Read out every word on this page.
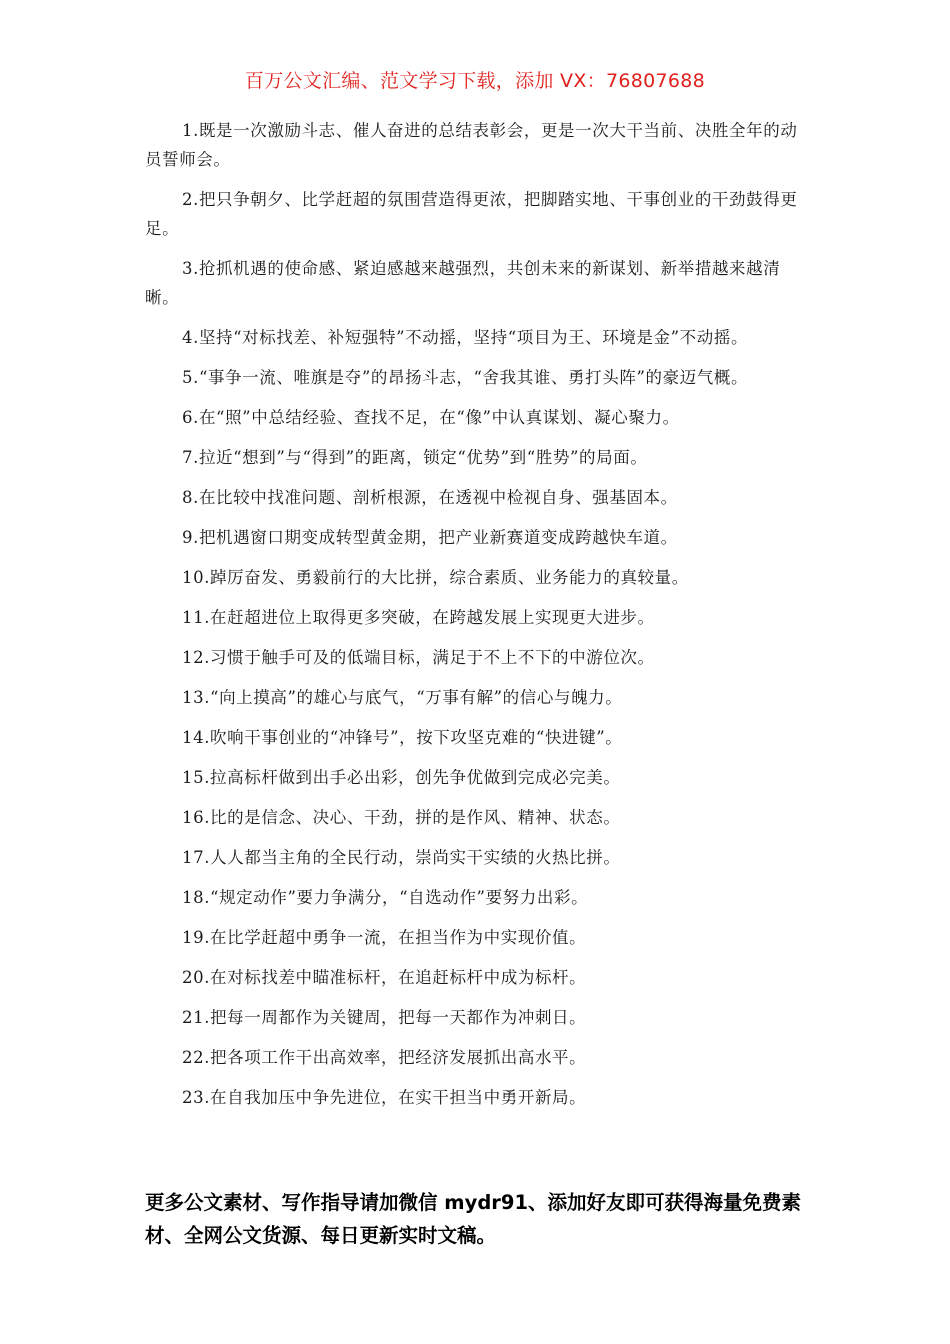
百万公文汇编、范文学习下载，添加 VX：76807688
1.既是一次激励斗志、催人奋进的总结表彰会，更是一次大干当前、决胜全年的动员誓师会。
2.把只争朝夕、比学赶超的氛围营造得更浓，把脚踏实地、干事创业的干劲鼓得更足。
3.抢抓机遇的使命感、紧迫感越来越强烈，共创未来的新谋划、新举措越来越清晰。
4.坚持“对标找差、补短强特”不动摇，坚持“项目为王、环境是金”不动摇。
5.“事争一流、唯旗是夺”的昂扬斗志，“舍我其谁、勇打头阵”的豪迈气概。
6.在“照”中总结经验、查找不足，在“像”中认真谋划、凝心聚力。
7.拉近“想到”与“得到”的距离，锁定“优势”到“胜势”的局面。
8.在比较中找准问题、剖析根源，在透视中检视自身、强基固本。
9.把机遇窗口期变成转型黄金期，把产业新赛道变成跨越快车道。
10.踔厉奋发、勇毅前行的大比拼，综合素质、业务能力的真较量。
11.在赶超进位上取得更多突破，在跨越发展上实现更大进步。
12.习惯于触手可及的低端目标，满足于不上不下的中游位次。
13.“向上摸高”的雄心与底气，“万事有解”的信心与魄力。
14.吹响干事创业的“冲锋号”，按下攻坚克难的“快进键”。
15.拉高标杆做到出手必出彩，创先争优做到完成必完美。
16.比的是信念、决心、干劲，拼的是作风、精神、状态。
17.人人都当主角的全民行动，崇尚实干实绩的火热比拼。
18.“规定动作”要力争满分，“自选动作”要努力出彩。
19.在比学赶超中勇争一流，在担当作为中实现价值。
20.在对标找差中瞄准标杆，在追赶标杆中成为标杆。
21.把每一周都作为关键周，把每一天都作为冲刺日。
22.把各项工作干出高效率，把经济发展抓出高水平。
23.在自我加压中争先进位，在实干担当中勇开新局。
更多公文素材、写作指导请加微信 mydr91、添加好友即可获得海量免费素材、全网公文货源、每日更新实时文稿。
